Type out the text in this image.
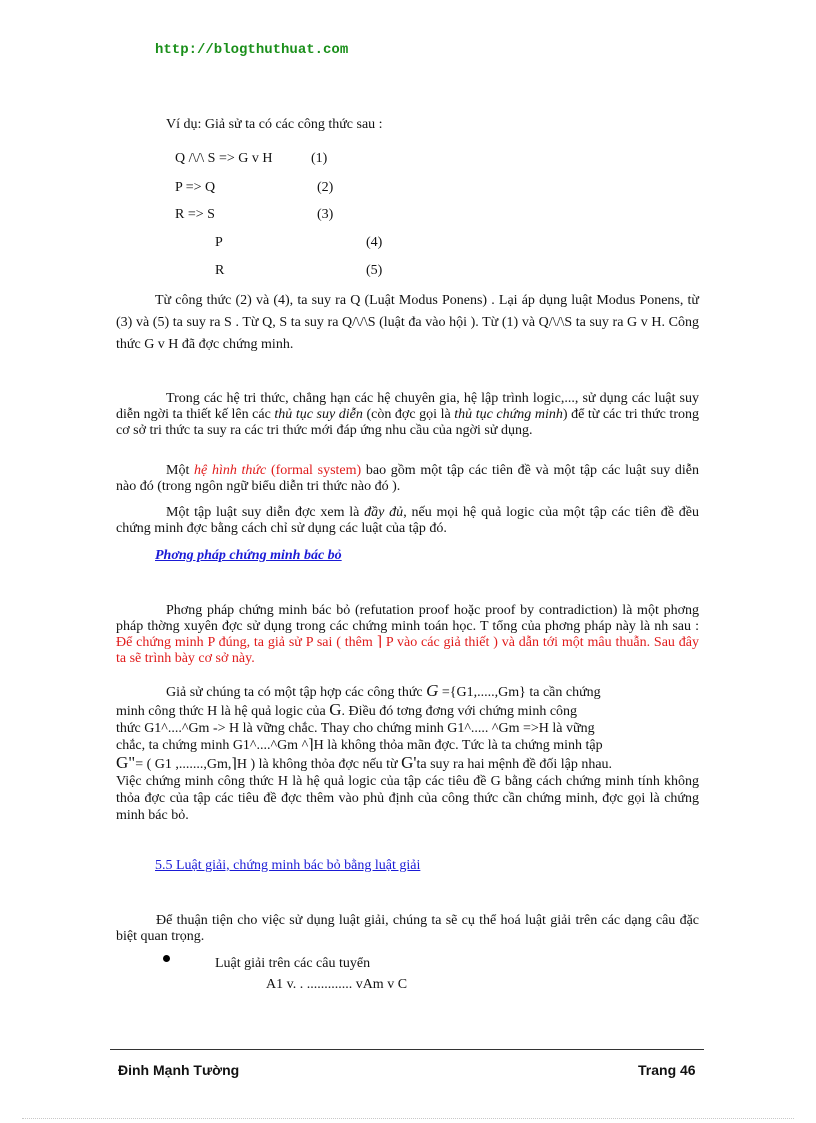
http://blogthuthuat.com
Ví dụ: Giả sử ta có các công thức sau :
Q /\/\ S => G v H	(1)
P => Q	(2)
R => S	(3)
P	(4)
R	(5)
Từ công thức (2) và (4), ta suy ra Q (Luật Modus Ponens) . Lại áp dụng luật Modus Ponens, từ (3) và (5) ta suy ra S . Từ Q, S ta suy ra Q/\/\S (luật đa vào hội ). Từ (1) và Q/\/\S ta suy ra G v H. Công thức G v H đã đợc chứng minh.
Trong các hệ tri thức, chẳng hạn các hệ chuyên gia, hệ lập trình logic,..., sử dụng các luật suy diễn ngời ta thiết kế lên các thủ tục suy diễn (còn đợc gọi là thủ tục chứng minh) để từ các tri thức trong cơ sở tri thức ta suy ra các tri thức mới đáp ứng nhu cầu của ngời sử dụng.
Một hệ hình thức (formal system) bao gồm một tập các tiên đề và một tập các luật suy diễn nào đó (trong ngôn ngữ biểu diễn tri thức nào đó ).
Một tập luật suy diễn đợc xem là đầy đủ, nếu mọi hệ quả logic của một tập các tiên đề đều chứng minh đợc bằng cách chỉ sử dụng các luật của tập đó.
Phơng pháp chứng minh bác bỏ
Phơng pháp chứng minh bác bỏ (refutation proof hoặc proof by contradiction) là một phơng pháp thờng xuyên đợc sử dụng trong các chứng minh toán học. T tổng của phơng pháp này là nh sau : Để chứng minh P đúng, ta giả sử P sai ( thêm ⌉ P vào các giả thiết ) và dẫn tới một mâu thuẫn. Sau đây ta sẽ trình bày cơ sở này.
Giả sử chúng ta có một tập hợp các công thức G ={G1,.....,Gm} ta cần chứng
minh công thức H là hệ quả logic của G. Điều đó tơng đơng với chứng minh công
thức G1^....^Gm -> H là vững chắc. Thay cho chứng minh G1^..... ^Gm =>H là vững
chắc, ta chứng minh G1^....^Gm ^⌉H là không thỏa mãn đợc. Tức là ta chứng minh tập
G"= ( G1 ,.......,Gm,⌉H ) là không thỏa đợc nếu từ G'ta suy ra hai mệnh đề đối lập nhau.
Việc chứng minh công thức H là hệ quả logic của tập các tiêu đề G bằng cách chứng minh tính không thỏa đợc của tập các tiêu đề đợc thêm vào phủ định của công thức cần chứng minh, đợc gọi là chứng minh bác bỏ.
5.5 Luật giải, chứng minh bác bỏ bằng luật giải
Để thuận tiện cho việc sử dụng luật giải, chúng ta sẽ cụ thể hoá luật giải trên các dạng câu đặc biệt quan trọng.
Luật giải trên các câu tuyển
A1 v. . ............. vAm v C
Đinh Mạnh Tường	Trang 46
